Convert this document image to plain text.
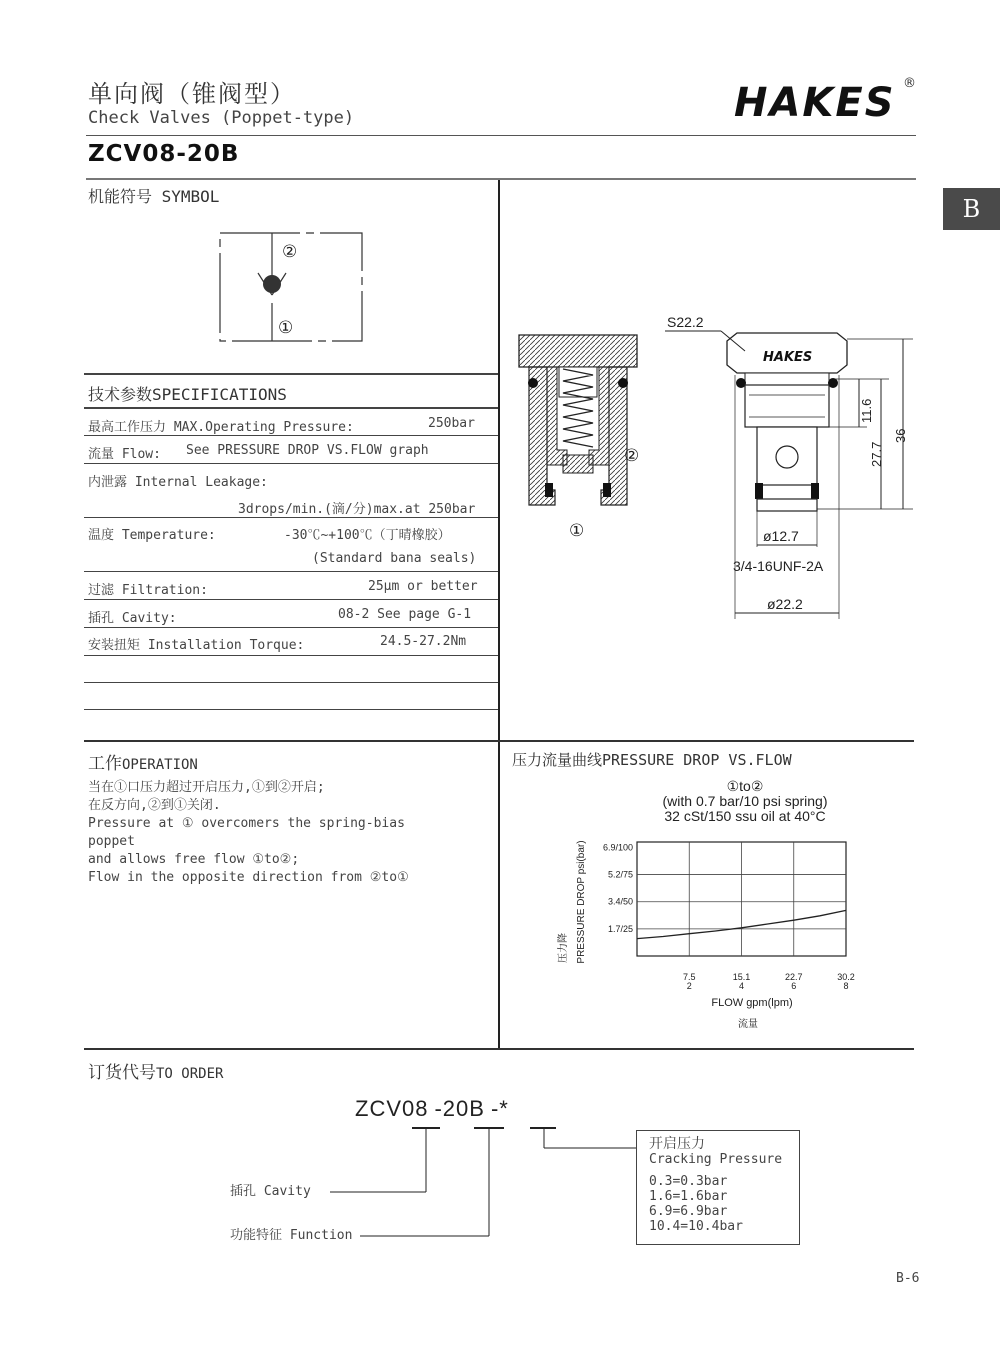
单向阀（锥阀型）
Check Valves (Poppet-type)	HAKES ®
ZCV08-20B
B
机能符号 SYMBOL
②
①
技术参数SPECIFICATIONS
最高工作压力 MAX.Operating Pressure:	250bar
流量 Flow: See PRESSURE DROP VS.FLOW graph
内泄露 Internal Leakage:
3drops/min.(滴/分)max.at 250bar
温度 Temperature:	-30℃~+100℃（丁晴橡胶）
(Standard bana seals)
过滤 Filtration:	25μm or better
插孔 Cavity:	08-2 See page G-1
安装扭矩 Installation Torque:	24.5-27.2Nm
②
①
HAKES
S22.2
11.6
27.7
36
ø12.7
3/4-16UNF-2A
ø22.2
工作OPERATION
当在①口压力超过开启压力,①到②开启;
在反方向,②到①关闭.
Pressure at ① overcomers the spring-bias
poppet
and allows free flow ①to②;
Flow in the opposite direction from ②to①
压力流量曲线PRESSURE DROP VS.FLOW
①to②
(with 0.7 bar/10 psi spring)
32 cSt/150 ssu oil at 40°C
7.5
2
15.1
4
22.7
6
30.2
8
1.7/25
3.4/50
5.2/75
6.9/100
压力降 PRESSURE DROP psi(bar)
FLOW gpm(lpm)
流量
订货代号TO ORDER
ZCV08 -20B -*
插孔 Cavity
功能特征 Function
开启压力
Cracking Pressure
0.3=0.3bar
1.6=1.6bar
6.9=6.9bar
10.4=10.4bar
B-6
